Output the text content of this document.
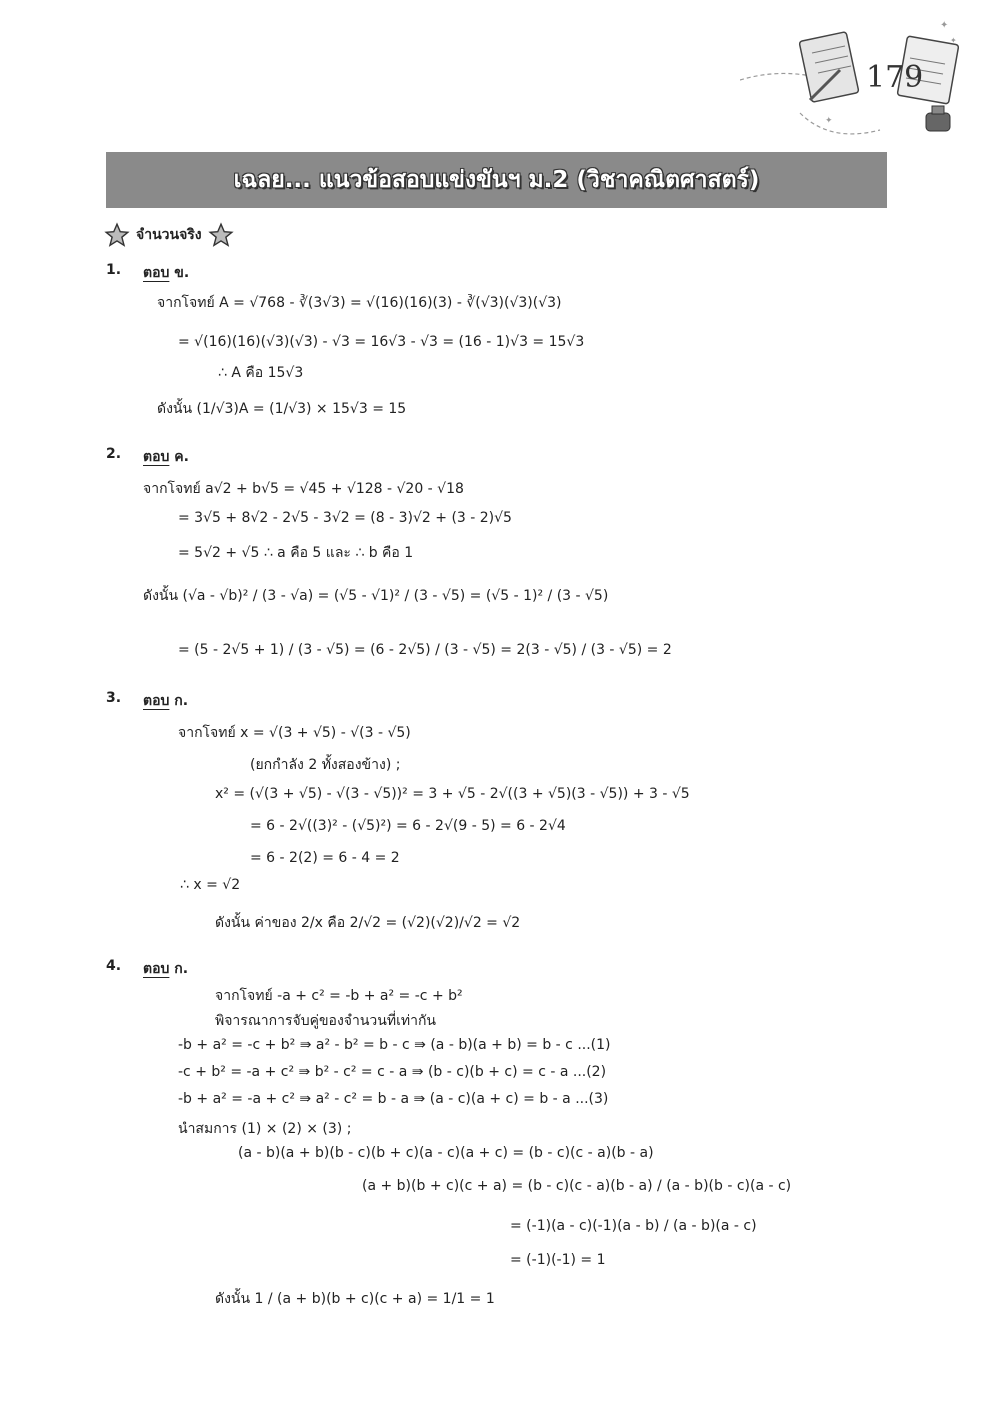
✦
✦
✦
179
เฉลย... แนวข้อสอบแข่งขันฯ ม.2 (วิชาคณิตศาสตร์)
จำนวนจริง
1. ตอบ ข.
จากโจทย์ A = √768 - ∛(3√3) = √(16)(16)(3) - ∛(√3)(√3)(√3)
= √(16)(16)(√3)(√3) - √3 = 16√3 - √3 = (16 - 1)√3 = 15√3
∴ A คือ 15√3
ดังนั้น (1/√3)A = (1/√3) × 15√3 = 15
2. ตอบ ค.
จากโจทย์ a√2 + b√5 = √45 + √128 - √20 - √18
= 3√5 + 8√2 - 2√5 - 3√2 = (8 - 3)√2 + (3 - 2)√5
= 5√2 + √5 ∴ a คือ 5 และ ∴ b คือ 1
ดังนั้น (√a - √b)² / (3 - √a) = (√5 - √1)² / (3 - √5) = (√5 - 1)² / (3 - √5)
= (5 - 2√5 + 1) / (3 - √5) = (6 - 2√5) / (3 - √5) = 2(3 - √5) / (3 - √5) = 2
3. ตอบ ก.
จากโจทย์ x = √(3 + √5) - √(3 - √5)
(ยกกำลัง 2 ทั้งสองข้าง) ;
x² = (√(3 + √5) - √(3 - √5))² = 3 + √5 - 2√((3 + √5)(3 - √5)) + 3 - √5
= 6 - 2√((3)² - (√5)²) = 6 - 2√(9 - 5) = 6 - 2√4
= 6 - 2(2) = 6 - 4 = 2
∴ x = √2
ดังนั้น ค่าของ 2/x คือ 2/√2 = (√2)(√2)/√2 = √2
4. ตอบ ก.
จากโจทย์ -a + c² = -b + a² = -c + b²
พิจารณาการจับคู่ของจำนวนที่เท่ากัน
-b + a² = -c + b² ⇛ a² - b² = b - c ⇛ (a - b)(a + b) = b - c ...(1)
-c + b² = -a + c² ⇛ b² - c² = c - a ⇛ (b - c)(b + c) = c - a ...(2)
-b + a² = -a + c² ⇛ a² - c² = b - a ⇛ (a - c)(a + c) = b - a ...(3)
นำสมการ (1) × (2) × (3) ;
(a - b)(a + b)(b - c)(b + c)(a - c)(a + c) = (b - c)(c - a)(b - a)
(a + b)(b + c)(c + a) = (b - c)(c - a)(b - a) / (a - b)(b - c)(a - c)
= (-1)(a - c)(-1)(a - b) / (a - b)(a - c)
= (-1)(-1) = 1
ดังนั้น 1 / (a + b)(b + c)(c + a) = 1/1 = 1
